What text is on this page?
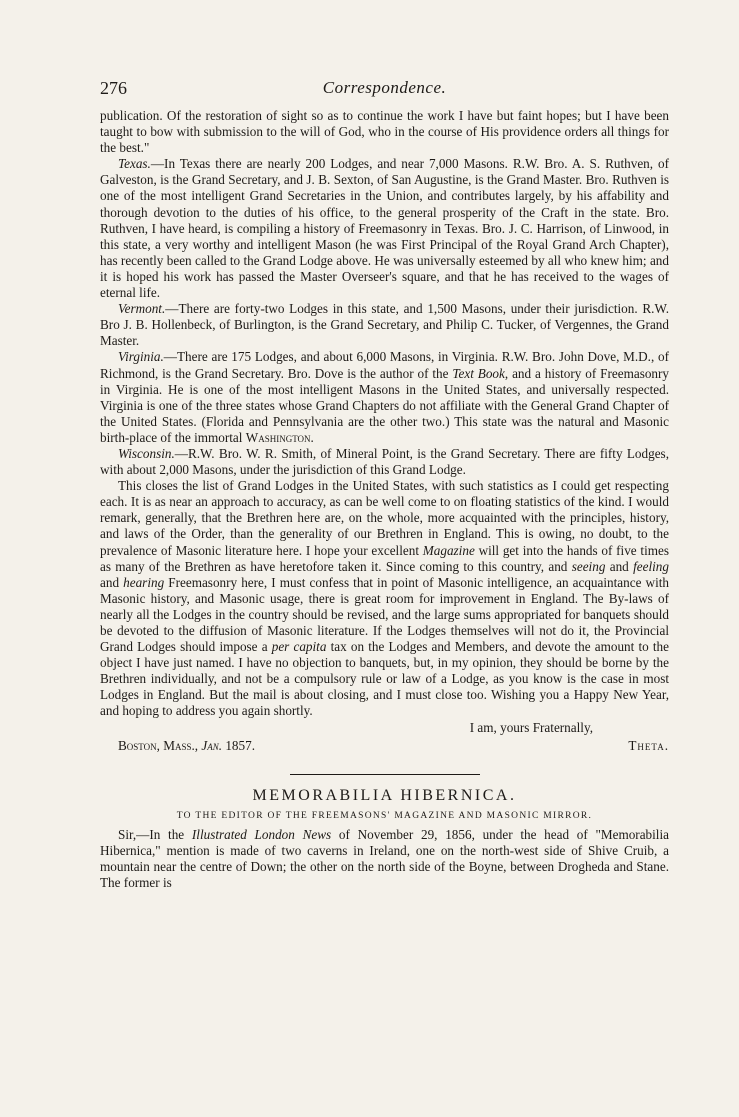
276	Correspondence.

publication. Of the restoration of sight so as to continue the work I have but faint hopes; but I have been taught to bow with submission to the will of God, who in the course of His providence orders all things for the best."

Texas.—In Texas there are nearly 200 Lodges, and near 7,000 Masons. R.W. Bro. A. S. Ruthven, of Galveston, is the Grand Secretary, and J. B. Sexton, of San Augustine, is the Grand Master. Bro. Ruthven is one of the most intelligent Grand Secretaries in the Union, and contributes largely, by his affability and thorough devotion to the duties of his office, to the general prosperity of the Craft in the state. Bro. Ruthven, I have heard, is compiling a history of Freemasonry in Texas. Bro. J. C. Harrison, of Linwood, in this state, a very worthy and intelligent Mason (he was First Principal of the Royal Grand Arch Chapter), has recently been called to the Grand Lodge above. He was universally esteemed by all who knew him; and it is hoped his work has passed the Master Overseer's square, and that he has received to the wages of eternal life.

Vermont.—There are forty-two Lodges in this state, and 1,500 Masons, under their jurisdiction. R.W. Bro J. B. Hollenbeck, of Burlington, is the Grand Secretary, and Philip C. Tucker, of Vergennes, the Grand Master.

Virginia.—There are 175 Lodges, and about 6,000 Masons, in Virginia. R.W. Bro. John Dove, M.D., of Richmond, is the Grand Secretary. Bro. Dove is the author of the Text Book, and a history of Freemasonry in Virginia. He is one of the most intelligent Masons in the United States, and universally respected. Virginia is one of the three states whose Grand Chapters do not affiliate with the General Grand Chapter of the United States. (Florida and Pennsylvania are the other two.) This state was the natural and Masonic birth-place of the immortal Washington.

Wisconsin.—R.W. Bro. W. R. Smith, of Mineral Point, is the Grand Secretary. There are fifty Lodges, with about 2,000 Masons, under the jurisdiction of this Grand Lodge.

This closes the list of Grand Lodges in the United States, with such statistics as I could get respecting each. It is as near an approach to accuracy, as can be well come to on floating statistics of the kind. I would remark, generally, that the Brethren here are, on the whole, more acquainted with the principles, history, and laws of the Order, than the generality of our Brethren in England. This is owing, no doubt, to the prevalence of Masonic literature here. I hope your excellent Magazine will get into the hands of five times as many of the Brethren as have heretofore taken it. Since coming to this country, and seeing and feeling and hearing Freemasonry here, I must confess that in point of Masonic intelligence, an acquaintance with Masonic history, and Masonic usage, there is great room for improvement in England. The By-laws of nearly all the Lodges in the country should be revised, and the large sums appropriated for banquets should be devoted to the diffusion of Masonic literature. If the Lodges themselves will not do it, the Provincial Grand Lodges should impose a per capita tax on the Lodges and Members, and devote the amount to the object I have just named. I have no objection to banquets, but, in my opinion, they should be borne by the Brethren individually, and not be a compulsory rule or law of a Lodge, as you know is the case in most Lodges in England. But the mail is about closing, and I must close too. Wishing you a Happy New Year, and hoping to address you again shortly.

I am, yours Fraternally,
Boston, Mass., Jan. 1857.	Theta.
MEMORABILIA HIBERNICA.
TO THE EDITOR OF THE FREEMASONS' MAGAZINE AND MASONIC MIRROR.

Sir,—In the Illustrated London News of November 29, 1856, under the head of "Memorabilia Hibernica," mention is made of two caverns in Ireland, one on the north-west side of Shive Cruib, a mountain near the centre of Down; the other on the north side of the Boyne, between Drogheda and Stane. The former is
